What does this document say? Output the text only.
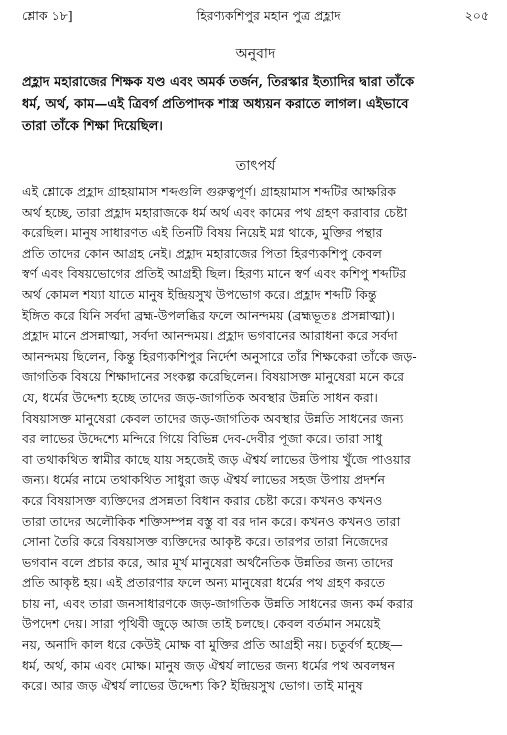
শ্লোক ১৮]	হিরণ্যকশিপুর মহান পুত্র প্রহ্লাদ	২০৫
অনুবাদ
প্রহ্লাদ মহারাজের শিক্ষক যণ্ড এবং অমর্ক তর্জন, তিরস্কার ইত্যাদির দ্বারা তাঁকে
ধর্ম, অর্থ, কাম—এই ত্রিবর্গ প্রতিপাদক শাস্ত্র অধ্যয়ন করাতে লাগল। এইভাবে
তারা তাঁকে শিক্ষা দিয়েছিল।
তাৎপর্য
এই শ্লোকে প্রহ্লাদ গ্রাহয়ামাস শব্দগুলি গুরুত্বপূর্ণ। গ্রাহয়ামাস শব্দটির আক্ষরিক
অর্থ হচ্ছে, তারা প্রহ্লাদ মহারাজকে ধর্ম অর্থ এবং কামের পথ গ্রহণ করাবার চেষ্টা
করেছিল। মানুষ সাধারণত এই তিনটি বিষয় নিয়েই মগ্ন থাকে, মুক্তির পন্থার
প্রতি তাদের কোন আগ্রহ নেই। প্রহ্লাদ মহারাজের পিতা হিরণ্যকশিপু কেবল
স্বর্ণ এবং বিষয়ভোগের প্রতিই আগ্রহী ছিল। হিরণ্য মানে স্বর্ণ এবং কশিপু শব্দটির
অর্থ কোমল শয্যা যাতে মানুষ ইন্দ্রিয়সুখ উপভোগ করে। প্রহ্লাদ শব্দটি কিন্তু
ইঙ্গিত করে যিনি সর্বদা ব্রহ্ম-উপলব্ধির ফলে আনন্দময় (ব্রহ্মভূতঃ প্রসন্নাত্মা)।
প্রহ্লাদ মানে প্রসন্নাত্মা, সর্বদা আনন্দময়। প্রহ্লাদ ভগবানের আরাধনা করে সর্বদা
আনন্দময় ছিলেন, কিন্তু হিরণ্যকশিপুর নির্দেশ অনুসারে তাঁর শিক্ষকেরা তাঁকে জড়-
জাগতিক বিষয়ে শিক্ষাদানের সংকল্প করেছিলেন। বিষয়াসক্ত মানুষেরা মনে করে
যে, ধর্মের উদ্দেশ্য হচ্ছে তাদের জড়-জাগতিক অবস্থার উন্নতি সাধন করা।
বিষয়াসক্ত মানুষেরা কেবল তাদের জড়-জাগতিক অবস্থার উন্নতি সাধনের জন্য
বর লাভের উদ্দেশ্যে মন্দিরে গিয়ে বিভিন্ন দেব-দেবীর পূজা করে। তারা সাধু
বা তথাকথিত স্বামীর কাছে যায় সহজেই জড় ঐশ্বর্য লাভের উপায় খুঁজে পাওয়ার
জন্য। ধর্মের নামে তথাকথিত সাধুরা জড় ঐশ্বর্য লাভের সহজ উপায় প্রদর্শন
করে বিষয়াসক্ত ব্যক্তিদের প্রসন্নতা বিধান করার চেষ্টা করে। কখনও কখনও
তারা তাদের অলৌকিক শক্তিসম্পন্ন বস্তু বা বর দান করে। কখনও কখনও তারা
সোনা তৈরি করে বিষয়াসক্ত ব্যক্তিদের আকৃষ্ট করে। তারপর তারা নিজেদের
ভগবান বলে প্রচার করে, আর মূর্খ মানুষেরা অর্থনৈতিক উন্নতির জন্য তাদের
প্রতি আকৃষ্ট হয়। এই প্রতারণার ফলে অন্য মানুষেরা ধর্মের পথ গ্রহণ করতে
চায় না, এবং তারা জনসাধারণকে জড়-জাগতিক উন্নতি সাধনের জন্য কর্ম করার
উপদেশ দেয়। সারা পৃথিবী জুড়ে আজ তাই চলছে। কেবল বর্তমান সময়েই
নয়, অনাদি কাল ধরে কেউই মোক্ষ বা মুক্তির প্রতি আগ্রহী নয়। চতুর্বর্গ হচ্ছে—
ধর্ম, অর্থ, কাম এবং মোক্ষ। মানুষ জড় ঐশ্বর্য লাভের জন্য ধর্মের পথ অবলম্বন
করে। আর জড় ঐশ্বর্য লাভের উদ্দেশ্য কি? ইন্দ্রিয়সুখ ভোগ। তাই মানুষ
